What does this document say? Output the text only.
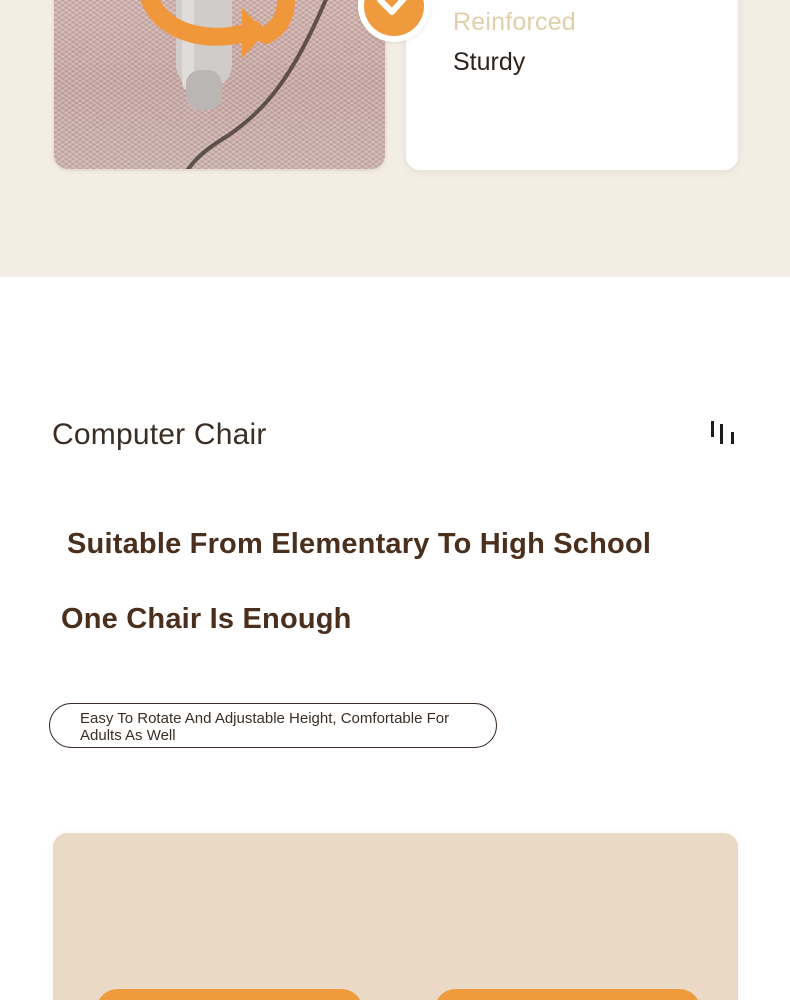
Reinforced
Sturdy
Computer Chair
Suitable From Elementary To High School
One Chair Is Enough
Easy To Rotate And Adjustable Height, Comfortable For Adults As Well
